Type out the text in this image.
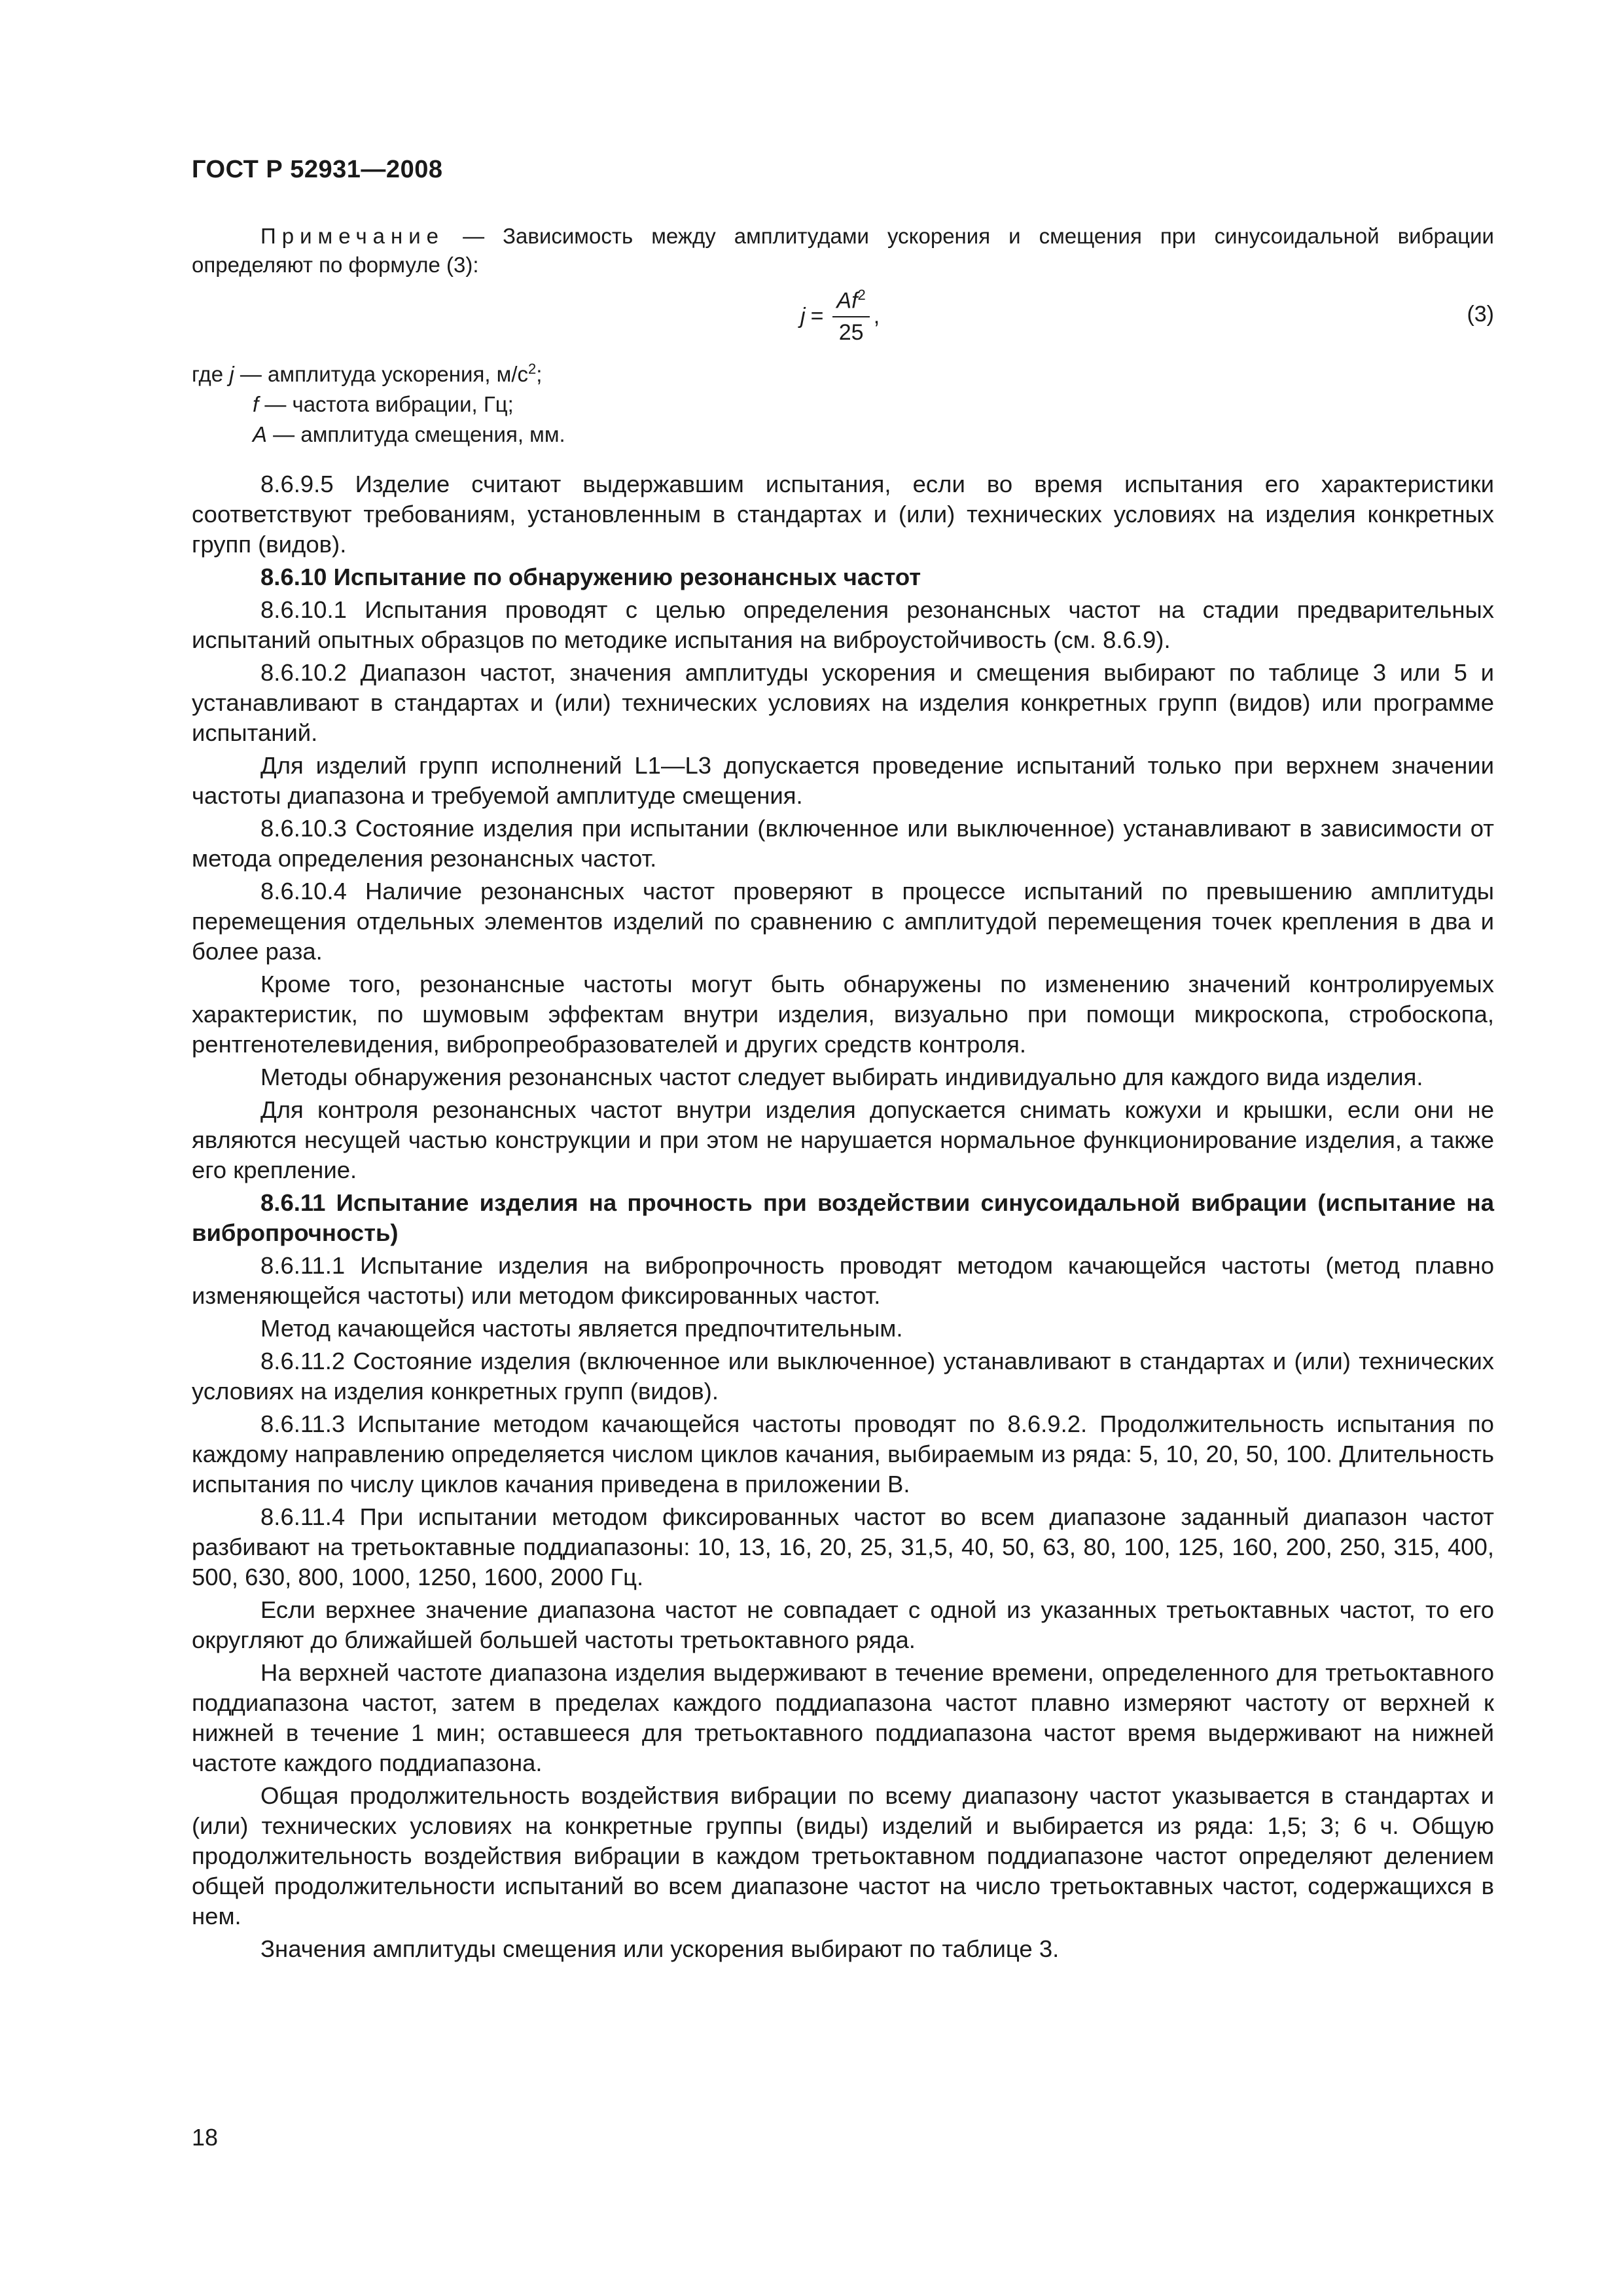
ГОСТ Р 52931—2008

Примечание — Зависимость между амплитудами ускорения и смещения при синусоидальной вибрации определяют по формуле (3):

$j = \frac{Af^2}{25}$ ,	(3)
где j — амплитуда ускорения, $м/с^2$;
f — частота вибрации, Гц;
А — амплитуда смещения, мм.

8.6.9.5 Изделие считают выдержавшим испытания, если во время испытания его характеристики соответствуют требованиям, установленным в стандартах и (или) технических условиях на изделия конкретных групп (видов).

8.6.10 Испытание по обнаружению резонансных частот

8.6.10.1 Испытания проводят с целью определения резонансных частот на стадии предварительных испытаний опытных образцов по методике испытания на виброустойчивость (см. 8.6.9).

8.6.10.2 Диапазон частот, значения амплитуды ускорения и смещения выбирают по таблице 3 или 5 и устанавливают в стандартах и (или) технических условиях на изделия конкретных групп (видов) или программе испытаний.

Для изделий групп исполнений L1—L3 допускается проведение испытаний только при верхнем значении частоты диапазона и требуемой амплитуде смещения.

8.6.10.3 Состояние изделия при испытании (включенное или выключенное) устанавливают в зависимости от метода определения резонансных частот.

8.6.10.4 Наличие резонансных частот проверяют в процессе испытаний по превышению амплитуды перемещения отдельных элементов изделий по сравнению с амплитудой перемещения точек крепления в два и более раза.

Кроме того, резонансные частоты могут быть обнаружены по изменению значений контролируемых характеристик, по шумовым эффектам внутри изделия, визуально при помощи микроскопа, стробоскопа, рентгенотелевидения, вибропреобразователей и других средств контроля.

Методы обнаружения резонансных частот следует выбирать индивидуально для каждого вида изделия.

Для контроля резонансных частот внутри изделия допускается снимать кожухи и крышки, если они не являются несущей частью конструкции и при этом не нарушается нормальное функционирование изделия, а также его крепление.

8.6.11 Испытание изделия на прочность при воздействии синусоидальной вибрации (испытание на вибропрочность)

8.6.11.1 Испытание изделия на вибропрочность проводят методом качающейся частоты (метод плавно изменяющейся частоты) или методом фиксированных частот.

Метод качающейся частоты является предпочтительным.

8.6.11.2 Состояние изделия (включенное или выключенное) устанавливают в стандартах и (или) технических условиях на изделия конкретных групп (видов).

8.6.11.3 Испытание методом качающейся частоты проводят по 8.6.9.2. Продолжительность испытания по каждому направлению определяется числом циклов качания, выбираемым из ряда: 5, 10, 20, 50, 100. Длительность испытания по числу циклов качания приведена в приложении В.

8.6.11.4 При испытании методом фиксированных частот во всем диапазоне заданный диапазон частот разбивают на третьоктавные поддиапазоны: 10, 13, 16, 20, 25, 31,5, 40, 50, 63, 80, 100, 125, 160, 200, 250, 315, 400, 500, 630, 800, 1000, 1250, 1600, 2000 Гц.

Если верхнее значение диапазона частот не совпадает с одной из указанных третьоктавных частот, то его округляют до ближайшей большей частоты третьоктавного ряда.

На верхней частоте диапазона изделия выдерживают в течение времени, определенного для третьоктавного поддиапазона частот, затем в пределах каждого поддиапазона частот плавно измеряют частоту от верхней к нижней в течение 1 мин; оставшееся для третьоктавного поддиапазона частот время выдерживают на нижней частоте каждого поддиапазона.

Общая продолжительность воздействия вибрации по всему диапазону частот указывается в стандартах и (или) технических условиях на конкретные группы (виды) изделий и выбирается из ряда: 1,5; 3; 6 ч. Общую продолжительность воздействия вибрации в каждом третьоктавном поддиапазоне частот определяют делением общей продолжительности испытаний во всем диапазоне частот на число третьоктавных частот, содержащихся в нем.

Значения амплитуды смещения или ускорения выбирают по таблице 3.

18
